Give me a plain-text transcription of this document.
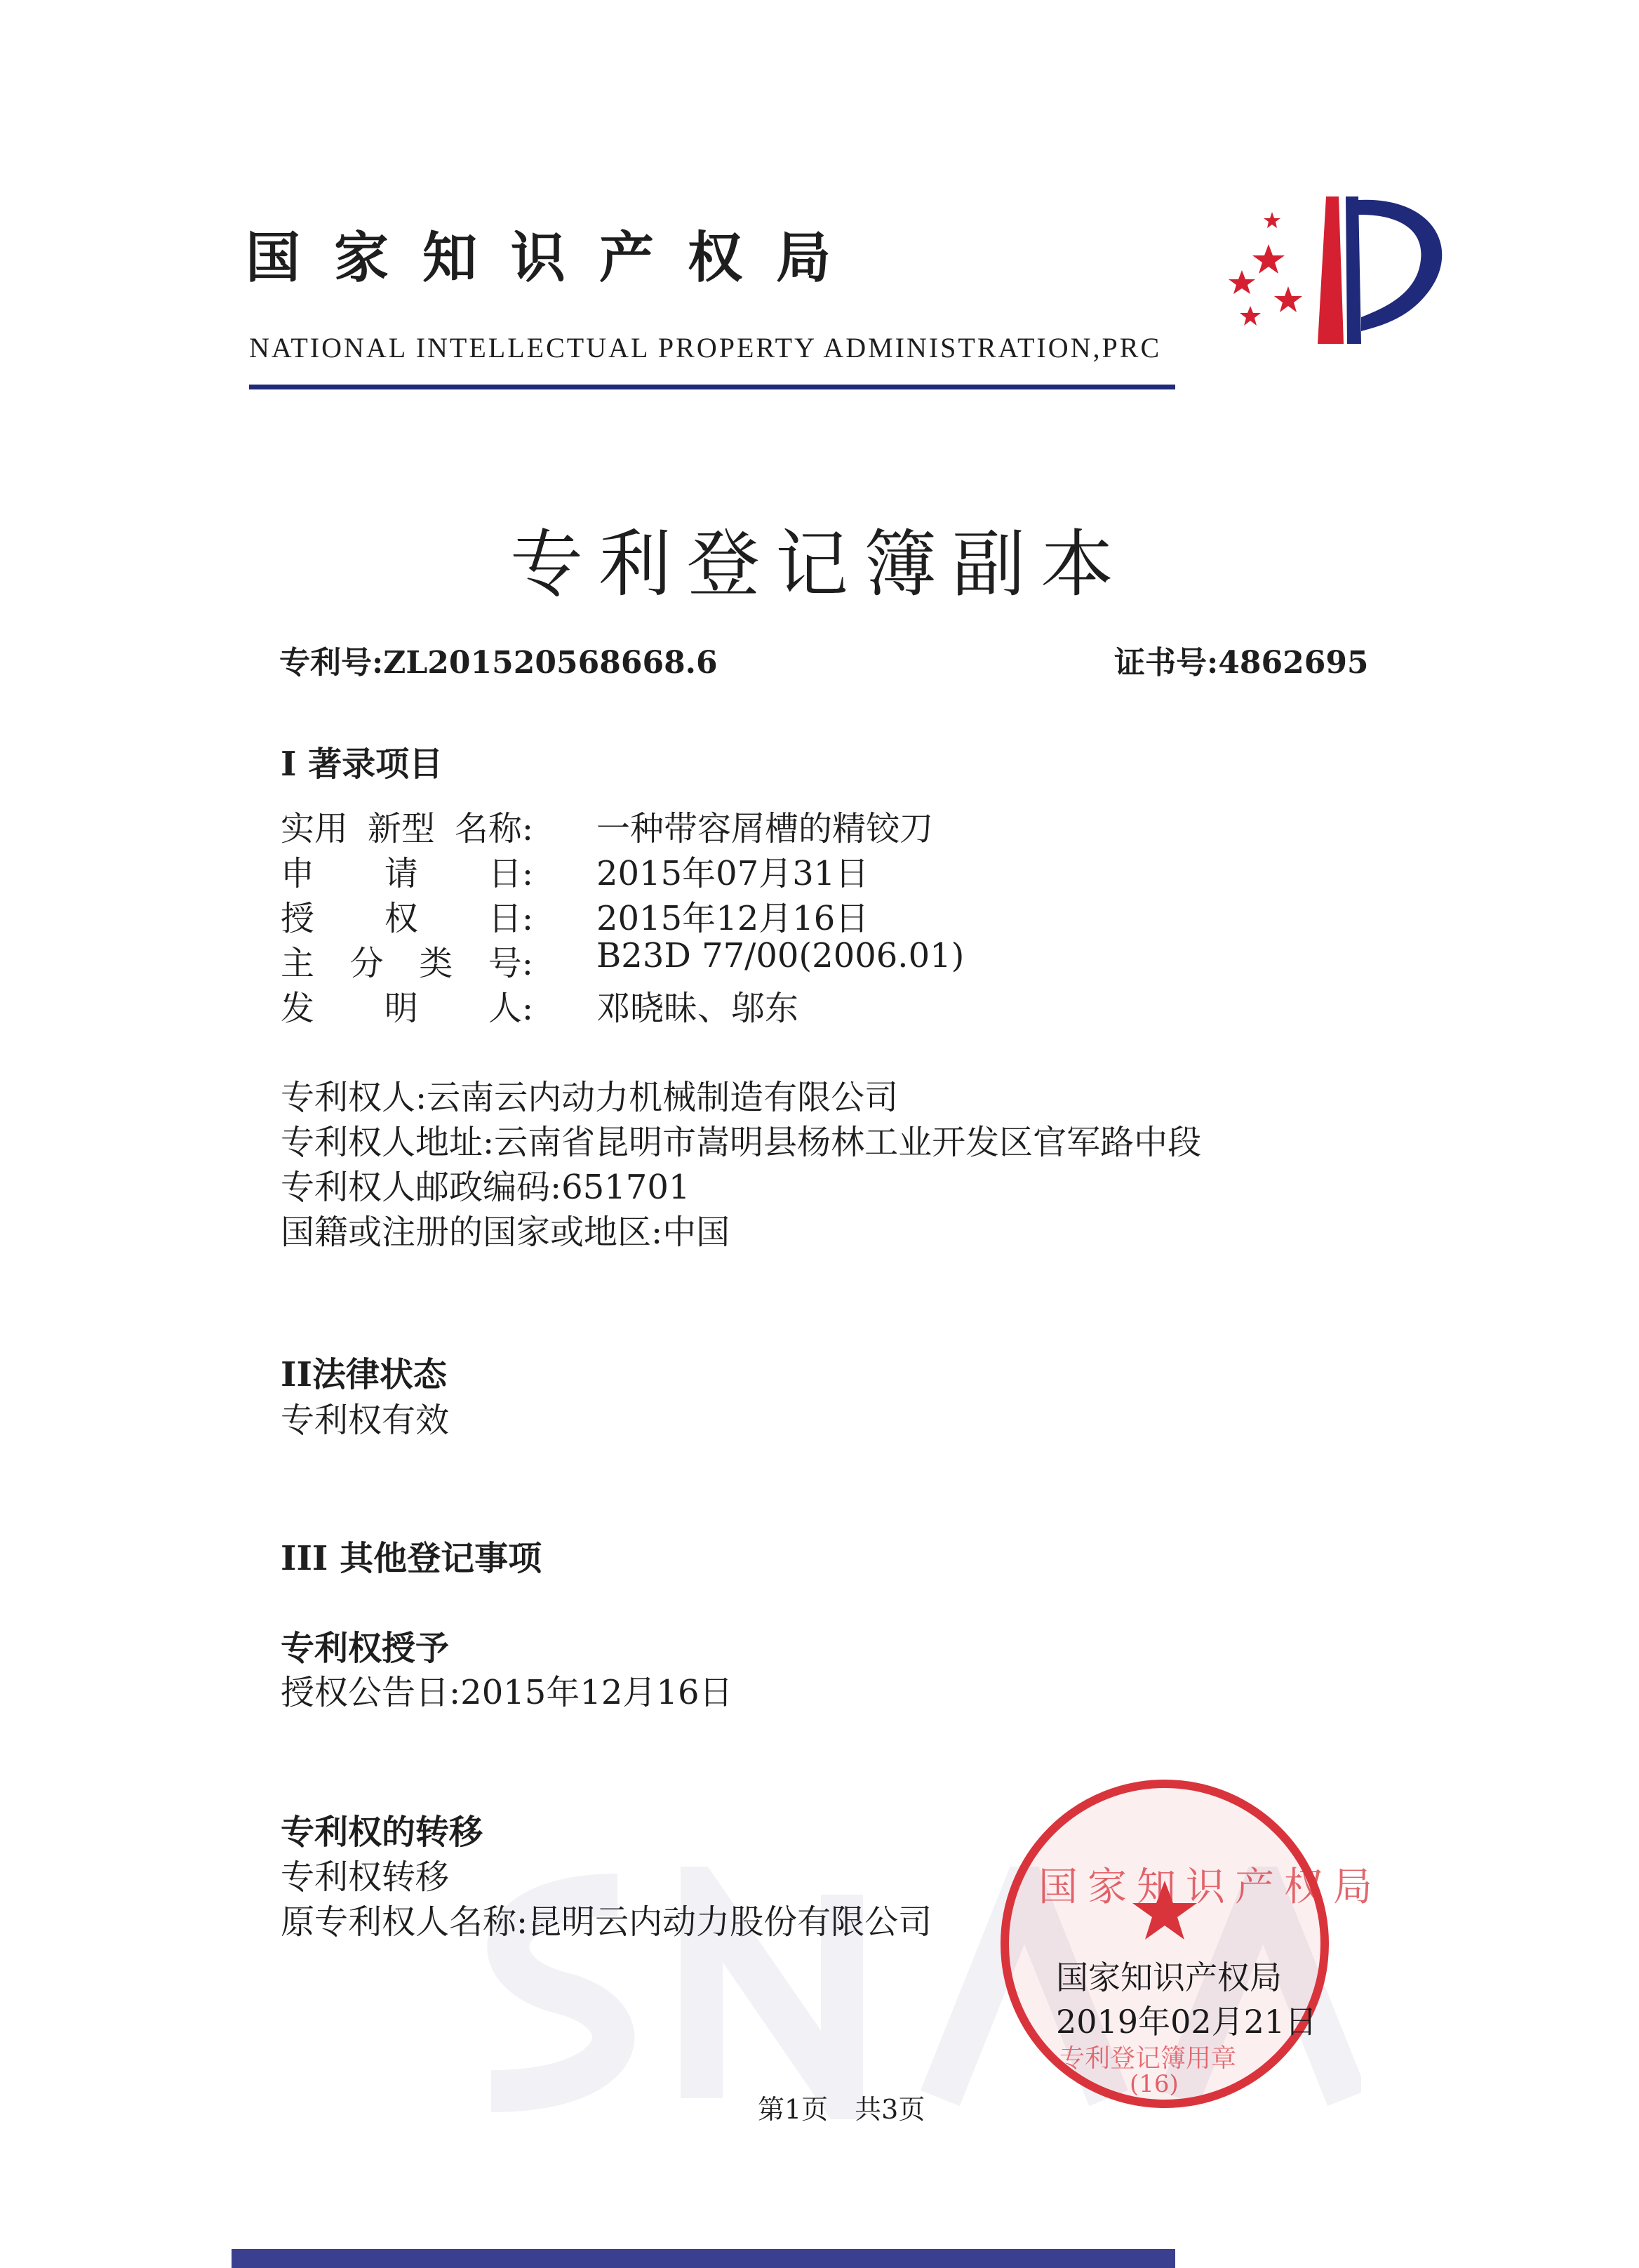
国家知识产权局
NATIONAL INTELLECTUAL PROPERTY ADMINISTRATION,PRC
专利登记簿副本
专利号:ZL201520568668.6	证书号:4862695
I 著录项目
实用 新型 名称: 一种带容屑槽的精铰刀
申 请 日: 2015年07月31日
授 权 日: 2015年12月16日
主 分 类 号: B23D 77/00(2006.01)
发 明 人: 邓晓昧、邬东
专利权人:云南云内动力机械制造有限公司
专利权人地址:云南省昆明市嵩明县杨林工业开发区官军路中段
专利权人邮政编码:651701
国籍或注册的国家或地区:中国
II法律状态
专利权有效
III 其他登记事项
专利权授予
授权公告日:2015年12月16日
专利权的转移
专利权转移
原专利权人名称:昆明云内动力股份有限公司
国家知识产权局
2019年02月21日
国家知识产权局
专利登记簿用章
(16)
第1页　共3页
